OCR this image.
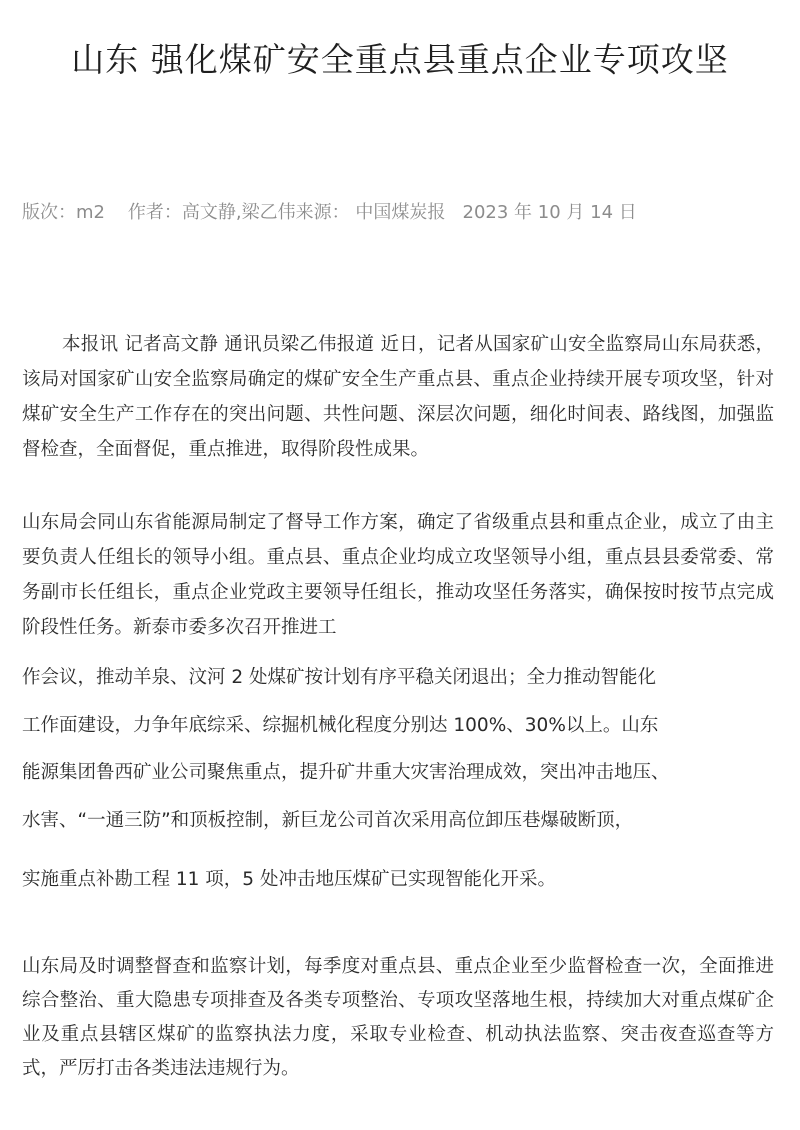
山东 强化煤矿安全重点县重点企业专项攻坚
版次：m2 作者：高文静,梁乙伟来源： 中国煤炭报 2023 年 10 月 14 日

本报讯 记者高文静 通讯员梁乙伟报道 近日，记者从国家矿山安全监察局山东局获悉，该局对国家矿山安全监察局确定的煤矿安全生产重点县、重点企业持续开展专项攻坚，针对煤矿安全生产工作存在的突出问题、共性问题、深层次问题，细化时间表、路线图，加强监督检查，全面督促，重点推进，取得阶段性成果。

山东局会同山东省能源局制定了督导工作方案，确定了省级重点县和重点企业，成立了由主要负责人任组长的领导小组。重点县、重点企业均成立攻坚领导小组，重点县县委常委、常务副市长任组长，重点企业党政主要领导任组长，推动攻坚任务落实，确保按时按节点完成阶段性任务。新泰市委多次召开推进工

作会议，推动羊泉、汶河 2 处煤矿按计划有序平稳关闭退出；全力推动智能化
工作面建设，力争年底综采、综掘机械化程度分别达 100%、30%以上。山东
能源集团鲁西矿业公司聚焦重点，提升矿井重大灾害治理成效，突出冲击地压、
水害、“一通三防”和顶板控制，新巨龙公司首次采用高位卸压巷爆破断顶，
实施重点补勘工程 11 项，5 处冲击地压煤矿已实现智能化开采。

山东局及时调整督查和监察计划，每季度对重点县、重点企业至少监督检查一次，全面推进综合整治、重大隐患专项排查及各类专项整治、专项攻坚落地生根，持续加大对重点煤矿企业及重点县辖区煤矿的监察执法力度，采取专业检查、机动执法监察、突击夜查巡查等方式，严厉打击各类违法违规行为。
